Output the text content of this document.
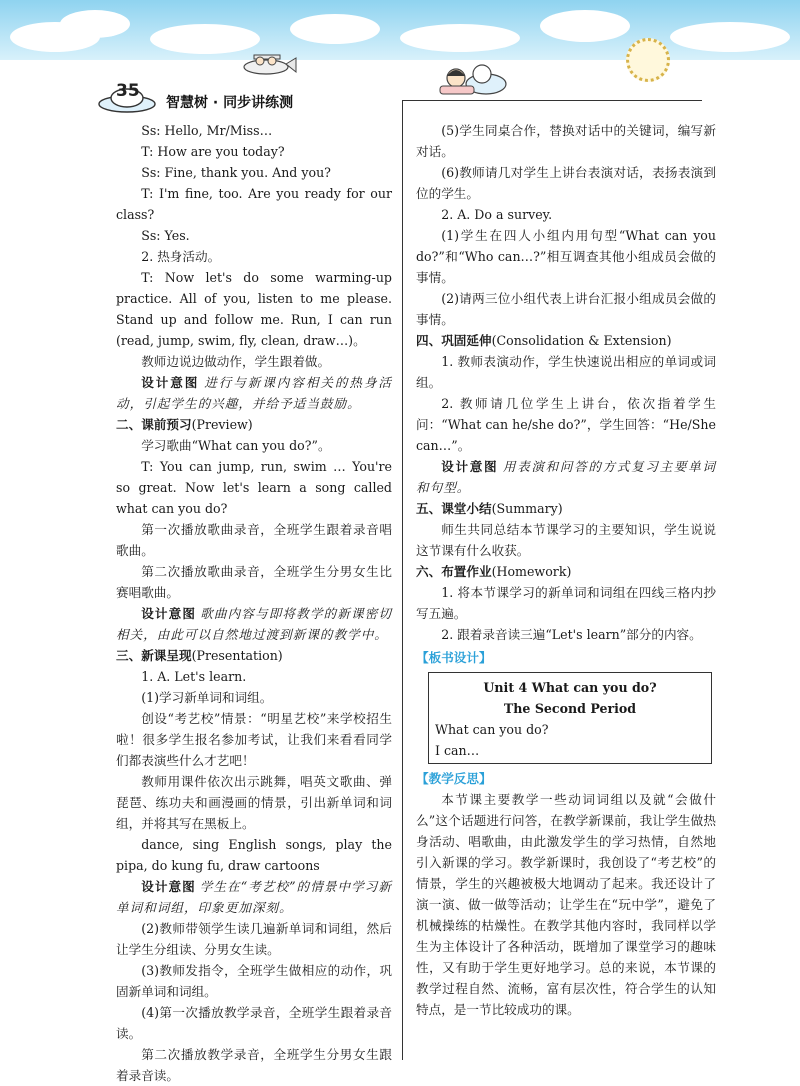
35
智慧树 · 同步讲练测

Ss: Hello, Mr/Miss…

T: How are you today?

Ss: Fine, thank you. And you?

T: I'm fine, too. Are you ready for our class?

Ss: Yes.

2. 热身活动。

T: Now let's do some warming-up practice. All of you, listen to me please. Stand up and follow me. Run, I can run (read, jump, swim, fly, clean, draw…)。

教师边说边做动作，学生跟着做。

设计意图 进行与新课内容相关的热身活动，引起学生的兴趣，并给予适当鼓励。

二、课前预习(Preview)

学习歌曲“What can you do?”。

T: You can jump, run, swim … You're so great. Now let's learn a song called what can you do?

第一次播放歌曲录音，全班学生跟着录音唱歌曲。

第二次播放歌曲录音，全班学生分男女生比赛唱歌曲。

设计意图 歌曲内容与即将教学的新课密切相关，由此可以自然地过渡到新课的教学中。

三、新课呈现(Presentation)

1. A. Let's learn.

(1)学习新单词和词组。

创设“考艺校”情景：“明星艺校”来学校招生啦！很多学生报名参加考试，让我们来看看同学们都表演些什么才艺吧！

教师用课件依次出示跳舞，唱英文歌曲、弹琵琶、练功夫和画漫画的情景，引出新单词和词组，并将其写在黑板上。

dance, sing English songs, play the pipa, do kung fu, draw cartoons

设计意图 学生在“考艺校”的情景中学习新单词和词组，印象更加深刻。

(2)教师带领学生读几遍新单词和词组，然后让学生分组读、分男女生读。

(3)教师发指令，全班学生做相应的动作，巩固新单词和词组。

(4)第一次播放教学录音，全班学生跟着录音读。

第二次播放教学录音，全班学生分男女生跟着录音读。

(5)学生同桌合作，替换对话中的关键词，编写新对话。

(6)教师请几对学生上讲台表演对话，表扬表演到位的学生。

2. A. Do a survey.

(1)学生在四人小组内用句型“What can you do?”和“Who can…?”相互调查其他小组成员会做的事情。

(2)请两三位小组代表上讲台汇报小组成员会做的事情。

四、巩固延伸(Consolidation & Extension)

1. 教师表演动作，学生快速说出相应的单词或词组。

2. 教师请几位学生上讲台，依次指着学生问：“What can he/she do?”，学生回答：“He/She can…”。

设计意图 用表演和问答的方式复习主要单词和句型。

五、课堂小结(Summary)

师生共同总结本节课学习的主要知识，学生说说这节课有什么收获。

六、布置作业(Homework)

1. 将本节课学习的新单词和词组在四线三格内抄写五遍。

2. 跟着录音读三遍“Let's learn”部分的内容。

【板书设计】

Unit 4 What can you do?

The Second Period

What can you do?

I can…

【教学反思】

本节课主要教学一些动词词组以及就“会做什么”这个话题进行问答，在教学新课前，我让学生做热身活动、唱歌曲，由此激发学生的学习热情，自然地引入新课的学习。教学新课时，我创设了“考艺校”的情景，学生的兴趣被极大地调动了起来。我还设计了演一演、做一做等活动；让学生在“玩中学”，避免了机械操练的枯燥性。在教学其他内容时，我同样以学生为主体设计了各种活动，既增加了课堂学习的趣味性，又有助于学生更好地学习。总的来说，本节课的教学过程自然、流畅，富有层次性，符合学生的认知特点，是一节比较成功的课。
